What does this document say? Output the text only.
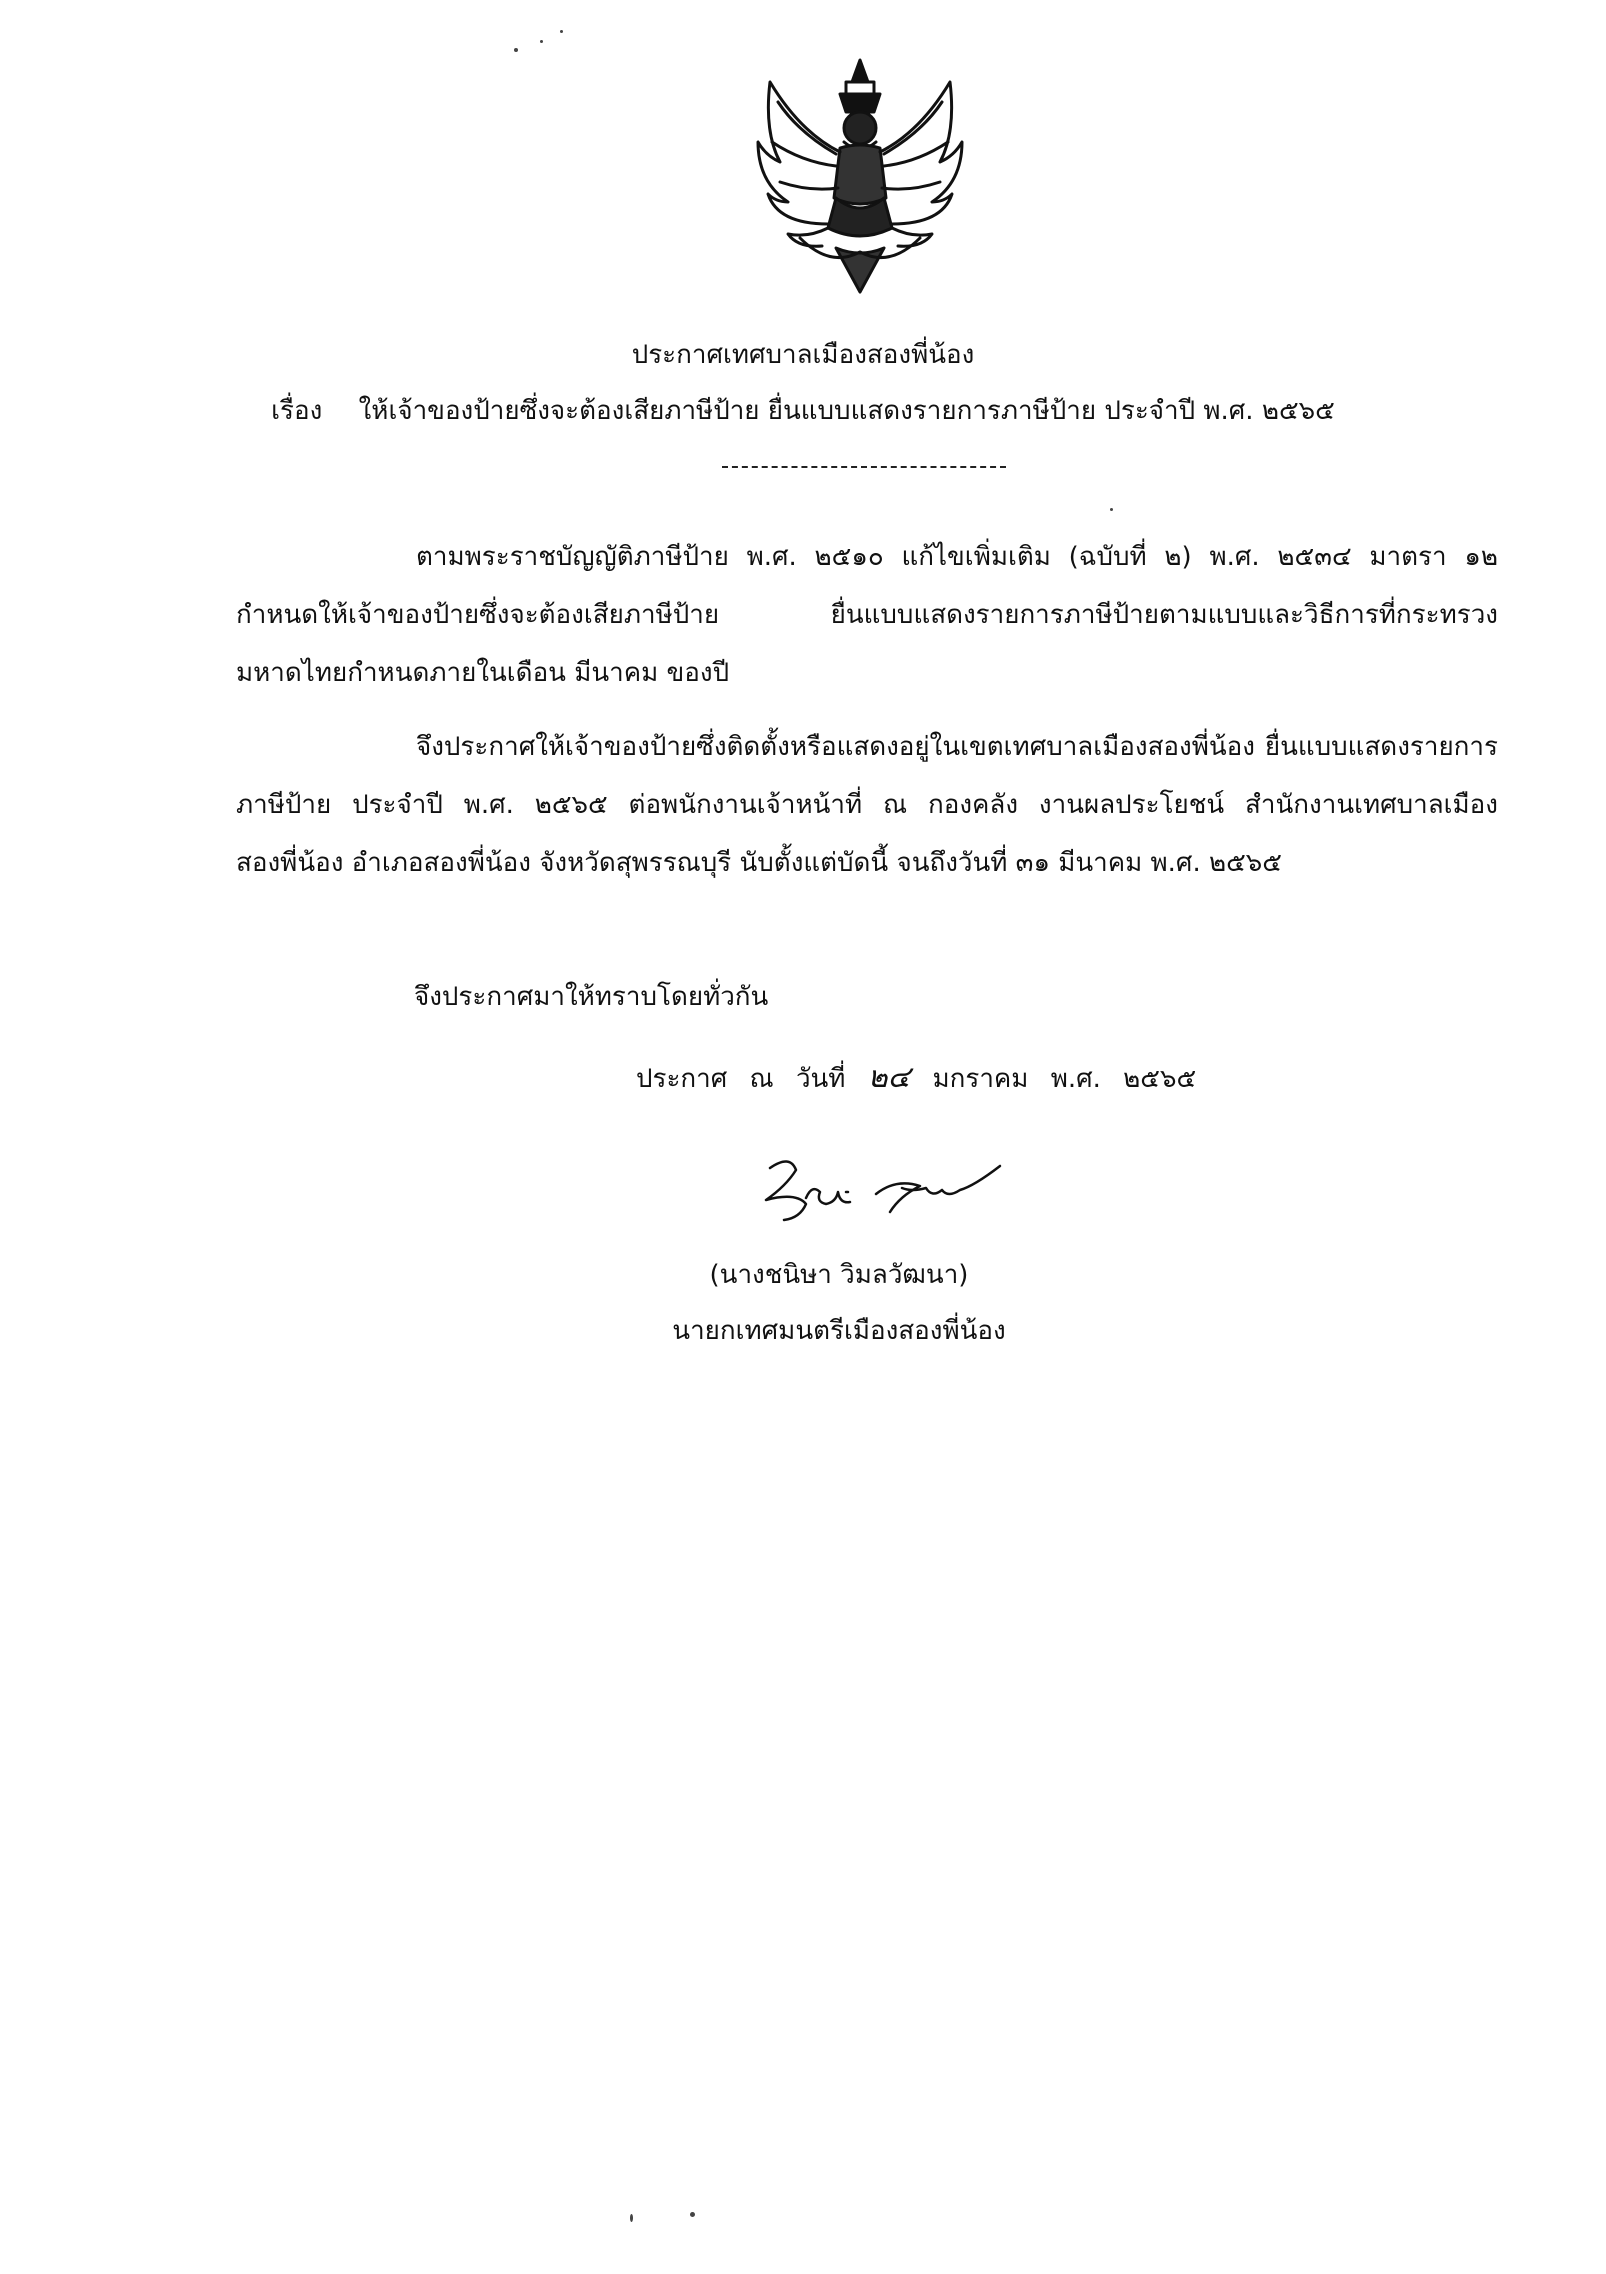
ประกาศเทศบาลเมืองสองพี่น้อง
เรื่อง ให้เจ้าของป้ายซึ่งจะต้องเสียภาษีป้าย ยื่นแบบแสดงรายการภาษีป้าย ประจำปี พ.ศ. ๒๕๖๕

ตามพระราชบัญญัติภาษีป้าย พ.ศ. ๒๕๑๐ แก้ไขเพิ่มเติม (ฉบับที่ ๒) พ.ศ. ๒๕๓๔ มาตรา ๑๒ กำหนดให้เจ้าของป้ายซึ่งจะต้องเสียภาษีป้าย ยื่นแบบแสดงรายการภาษีป้ายตามแบบและวิธีการที่กระทรวง มหาดไทยกำหนดภายในเดือน มีนาคม ของปี

จึงประกาศให้เจ้าของป้ายซึ่งติดตั้งหรือแสดงอยู่ในเขตเทศบาลเมืองสองพี่น้อง ยื่นแบบแสดงรายการภาษีป้าย ประจำปี พ.ศ. ๒๕๖๕ ต่อพนักงานเจ้าหน้าที่ ณ กองคลัง งานผลประโยชน์ สำนักงานเทศบาลเมืองสองพี่น้อง อำเภอสองพี่น้อง จังหวัดสุพรรณบุรี นับตั้งแต่บัดนี้ จนถึงวันที่ ๓๑ มีนาคม พ.ศ. ๒๕๖๕

จึงประกาศมาให้ทราบโดยทั่วกัน
ประกาศ ณ วันที่ ๒๔ มกราคม พ.ศ. ๒๕๖๕
(นางชนิษา วิมลวัฒนา)
นายกเทศมนตรีเมืองสองพี่น้อง
